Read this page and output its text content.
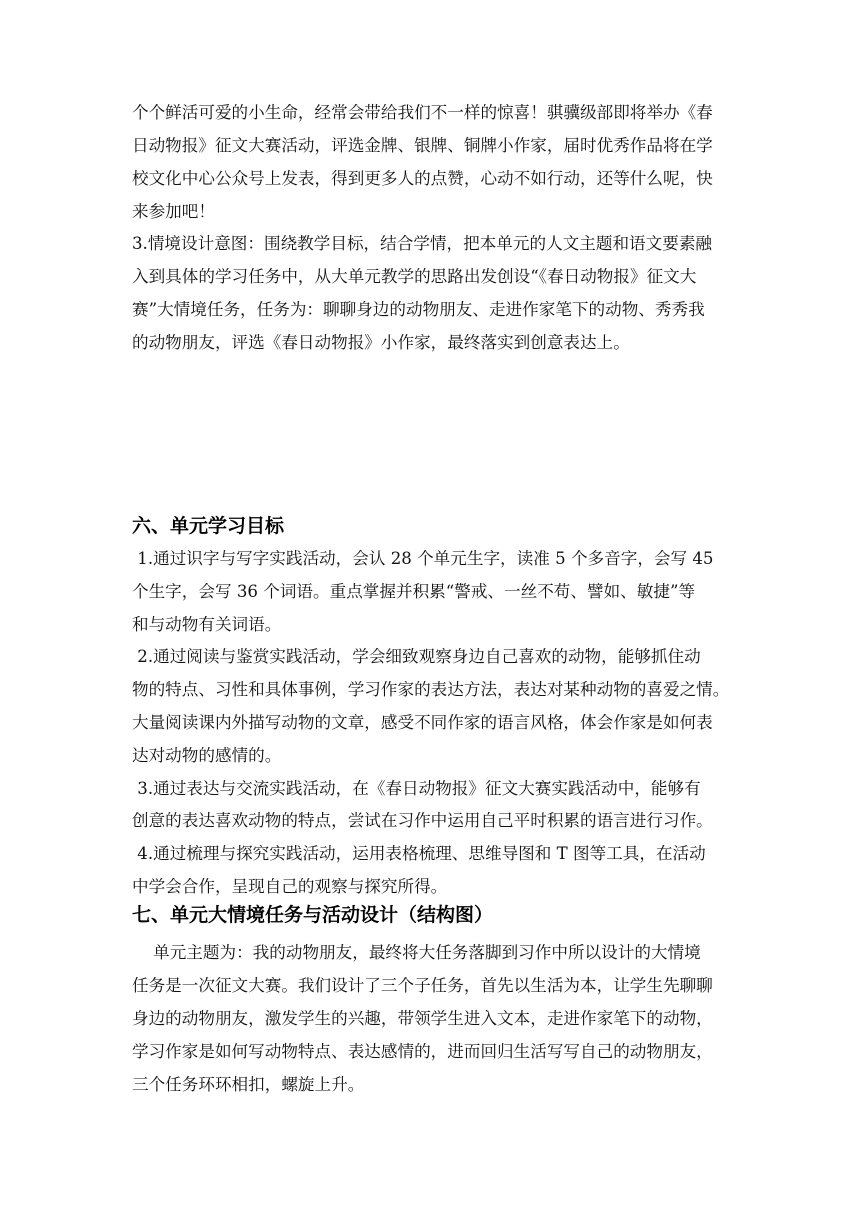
个个鲜活可爱的小生命，经常会带给我们不一样的惊喜！骐骥级部即将举办《春
日动物报》征文大赛活动，评选金牌、银牌、铜牌小作家，届时优秀作品将在学
校文化中心公众号上发表，得到更多人的点赞，心动不如行动，还等什么呢，快
来参加吧！
3.情境设计意图：围绕教学目标，结合学情，把本单元的人文主题和语文要素融
入到具体的学习任务中，从大单元教学的思路出发创设“《春日动物报》征文大
赛”大情境任务，任务为：聊聊身边的动物朋友、走进作家笔下的动物、秀秀我
的动物朋友，评选《春日动物报》小作家，最终落实到创意表达上。
六、单元学习目标
1.通过识字与写字实践活动，会认 28 个单元生字，读准 5 个多音字，会写 45
个生字，会写 36 个词语。重点掌握并积累“警戒、一丝不苟、譬如、敏捷”等
和与动物有关词语。
2.通过阅读与鉴赏实践活动，学会细致观察身边自己喜欢的动物，能够抓住动
物的特点、习性和具体事例，学习作家的表达方法，表达对某种动物的喜爱之情。
大量阅读课内外描写动物的文章，感受不同作家的语言风格，体会作家是如何表
达对动物的感情的。
3.通过表达与交流实践活动，在《春日动物报》征文大赛实践活动中，能够有
创意的表达喜欢动物的特点，尝试在习作中运用自己平时积累的语言进行习作。
4.通过梳理与探究实践活动，运用表格梳理、思维导图和 T 图等工具，在活动
中学会合作，呈现自己的观察与探究所得。
七、单元大情境任务与活动设计（结构图）
单元主题为：我的动物朋友，最终将大任务落脚到习作中所以设计的大情境
任务是一次征文大赛。我们设计了三个子任务，首先以生活为本，让学生先聊聊
身边的动物朋友，激发学生的兴趣，带领学生进入文本，走进作家笔下的动物，
学习作家是如何写动物特点、表达感情的，进而回归生活写写自己的动物朋友，
三个任务环环相扣，螺旋上升。
